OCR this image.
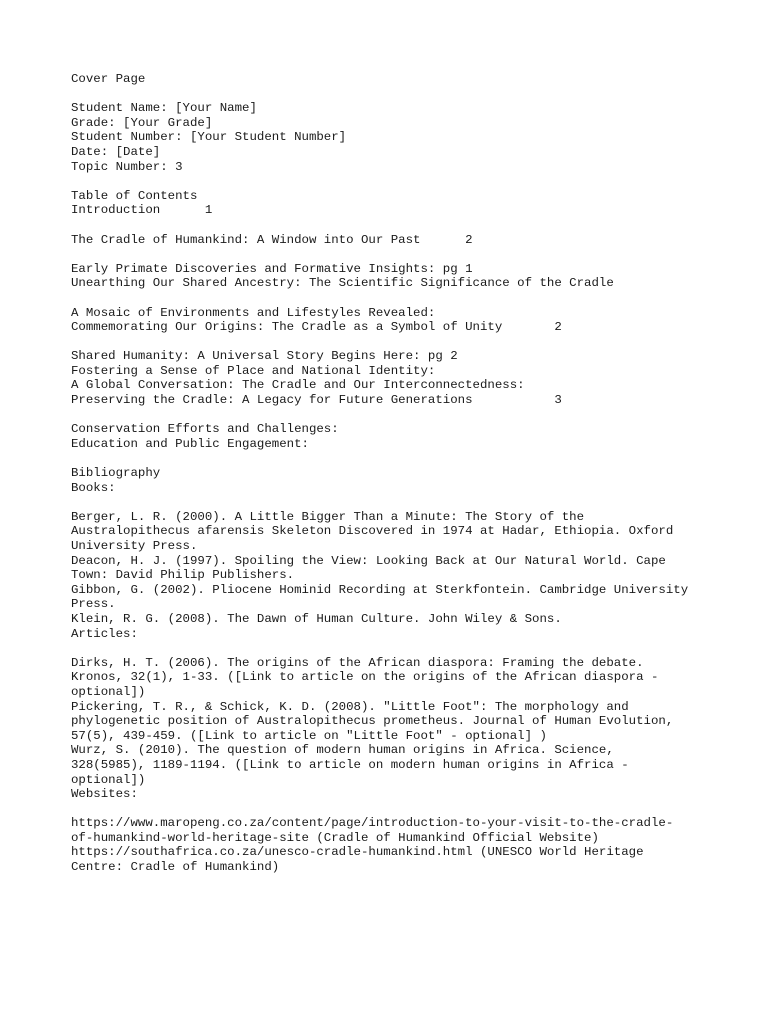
Cover Page
Student Name: [Your Name]
Grade: [Your Grade]
Student Number: [Your Student Number]
Date: [Date]
Topic Number: 3
Table of Contents
Introduction      1
The Cradle of Humankind: A Window into Our Past      2
Early Primate Discoveries and Formative Insights: pg 1
Unearthing Our Shared Ancestry: The Scientific Significance of the Cradle
A Mosaic of Environments and Lifestyles Revealed:
Commemorating Our Origins: The Cradle as a Symbol of Unity       2
Shared Humanity: A Universal Story Begins Here: pg 2
Fostering a Sense of Place and National Identity:
A Global Conversation: The Cradle and Our Interconnectedness:
Preserving the Cradle: A Legacy for Future Generations           3
Conservation Efforts and Challenges:
Education and Public Engagement:
Bibliography
Books:
Berger, L. R. (2000). A Little Bigger Than a Minute: The Story of the
Australopithecus afarensis Skeleton Discovered in 1974 at Hadar, Ethiopia. Oxford
University Press.
Deacon, H. J. (1997). Spoiling the View: Looking Back at Our Natural World. Cape
Town: David Philip Publishers.
Gibbon, G. (2002). Pliocene Hominid Recording at Sterkfontein. Cambridge University
Press.
Klein, R. G. (2008). The Dawn of Human Culture. John Wiley & Sons.
Articles:
Dirks, H. T. (2006). The origins of the African diaspora: Framing the debate.
Kronos, 32(1), 1-33. ([Link to article on the origins of the African diaspora -
optional])
Pickering, T. R., & Schick, K. D. (2008). "Little Foot": The morphology and
phylogenetic position of Australopithecus prometheus. Journal of Human Evolution,
57(5), 439-459. ([Link to article on "Little Foot" - optional] )
Wurz, S. (2010). The question of modern human origins in Africa. Science,
328(5985), 1189-1194. ([Link to article on modern human origins in Africa -
optional])
Websites:
https://www.maropeng.co.za/content/page/introduction-to-your-visit-to-the-cradle-
of-humankind-world-heritage-site (Cradle of Humankind Official Website)
https://southafrica.co.za/unesco-cradle-humankind.html (UNESCO World Heritage
Centre: Cradle of Humankind)
